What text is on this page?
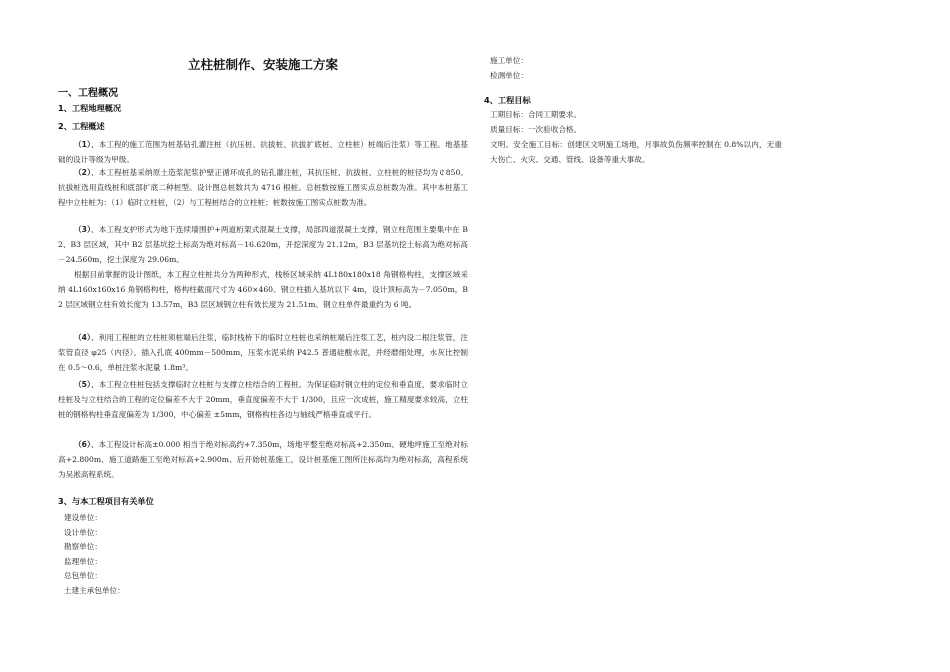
立柱桩制作、安装施工方案
一、工程概况
1、工程地理概况
2、工程概述
（1）、本工程的施工范围为桩基钻孔灌注桩（抗压桩、抗拔桩、抗拔扩底桩、立柱桩）桩端后注浆）等工程。地基基础的设计等级为甲级。
（2）、本工程桩基采纳原土造浆泥浆护壁正循环成孔的钻孔灌注桩，其抗压桩、抗拔桩、立柱桩的桩径均为￠850。抗拔桩选用直线桩和底部扩底二种桩型。设计图总桩数共为 4716 根桩。总桩数按施工图实点总桩数为准。其中本桩基工程中立柱桩为：（1）临时立柱桩，（2）与工程桩结合的立柱桩；桩数按施工图实点桩数为准。
（3）、本工程支护形式为地下连续墙围护+两道桁架式混凝土支撑，局部四道混凝土支撑，钢立柱范围主要集中在 B2、B3 层区域，其中 B2 层基坑挖土标高为绝对标高－16.620m，开挖深度为 21.12m，B3 层基坑挖土标高为绝对标高－24.560m，挖土深度为 29.06m。
根据目前掌握的设计图纸，本工程立柱桩共分为两种形式，栈桥区域采纳 4L180x180x18 角钢格构柱，支撑区域采纳 4L160x160x16 角钢格构柱，格构柱截面尺寸为 460×460。钢立柱插入基坑以下 4m，设计顶标高为－7.050m。B2 层区域钢立柱有效长度为 13.57m，B3 层区域钢立柱有效长度为 21.51m。钢立柱单件最重约为 6 吨。
（4）、利用工程桩的立柱桩须桩端后注浆，临时栈桥下的临时立柱桩也采纳桩端后注浆工艺，桩内设二根注浆管，注浆管直径 φ25（内径），插入孔底 400mm－500mm，压浆水泥采纳 P42.5 普通硅酸水泥，并经磨细处理，水灰比控制在 0.5～0.6，单桩注浆水泥量 1.8m³。
（5）、本工程立柱桩包括支撑临时立柱桩与支撑立柱结合的工程桩。为保证临时钢立柱的定位和垂直度，要求临时立柱桩及与立柱结合的工程的定位偏差不大于 20mm，垂直度偏差不大于 1/300，且应一次成桩，施工精度要求较高，立柱桩的钢格构柱垂直度偏差为 1/300，中心偏差 ±5mm，钢格构柱各边与轴线严格垂直或平行。
（6）、本工程设计标高±0.000 相当于绝对标高约+7.350m，场地平整至绝对标高+2.350m、硬地坪施工至绝对标高+2.800m、施工道路施工至绝对标高+2.900m、后开始桩基施工，设计桩基施工图所注标高均为绝对标高，高程系统为吴淞高程系统。
3、与本工程项目有关单位
建设单位：
设计单位：
勘察单位：
监理单位：
总包单位：
土建主承包单位：
施工单位：
检测单位：
4、工程目标
工期目标：合同工期要求。
质量目标：一次验收合格。
文明、安全施工目标：创建区文明施工场地，月事故负伤频率控制在 0.8%以内，无重大伤亡、火灾、交通、管线、设备等重大事故。
